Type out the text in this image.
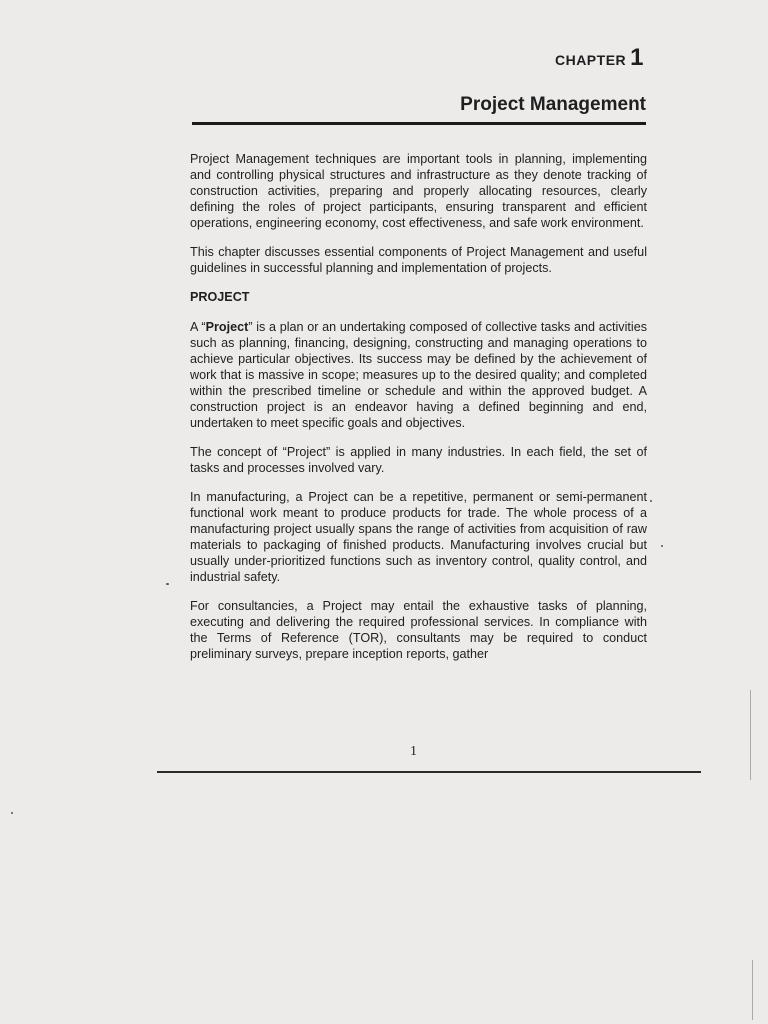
CHAPTER 1
Project Management

Project Management techniques are important tools in planning, implementing and controlling physical structures and infrastructure as they denote tracking of construction activities, preparing and properly allocating resources, clearly defining the roles of project participants, ensuring transparent and efficient operations, engineering economy, cost effectiveness, and safe work environment.

This chapter discusses essential components of Project Management and useful guidelines in successful planning and implementation of projects.

PROJECT

A “Project” is a plan or an undertaking composed of collective tasks and activities such as planning, financing, designing, constructing and managing operations to achieve particular objectives. Its success may be defined by the achievement of work that is massive in scope; measures up to the desired quality; and completed within the prescribed timeline or schedule and within the approved budget. A construction project is an endeavor having a defined beginning and end, undertaken to meet specific goals and objectives.

The concept of “Project” is applied in many industries. In each field, the set of tasks and processes involved vary.

In manufacturing, a Project can be a repetitive, permanent or semi-permanent functional work meant to produce products for trade. The whole process of a manufacturing project usually spans the range of activities from acquisition of raw materials to packaging of finished products. Manufacturing involves crucial but usually under-prioritized functions such as inventory control, quality control, and industrial safety.

For consultancies, a Project may entail the exhaustive tasks of planning, executing and delivering the required professional services. In compliance with the Terms of Reference (TOR), consultants may be required to conduct preliminary surveys, prepare inception reports, gather

1
